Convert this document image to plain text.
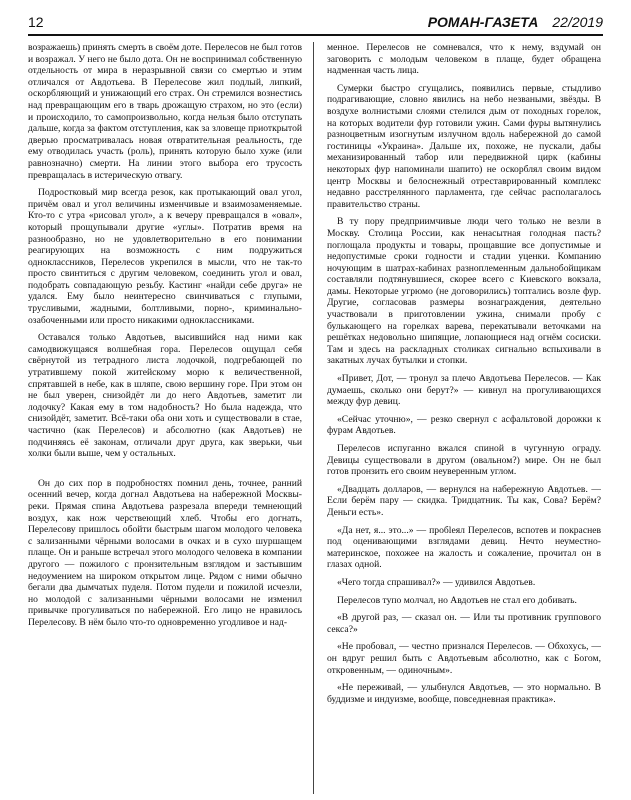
12	РОМАН-ГАЗЕТА 22/2019

возражаешь) принять смерть в своём доте. Перелесов не был готов и возражал. У него не было дота. Он не воспринимал собственную отдельность от мира в неразрывной связи со смертью и этим отличался от Авдотьева. В Перелесове жил подлый, липкий, оскорбляющий и унижающий его страх. Он стремился вознестись над превращающим его в тварь дрожащую страхом, но это (если) и происходило, то самопроизвольно, когда нельзя было отступать дальше, когда за фактом отступления, как за зловеще приоткрытой дверью просматривалась новая отвратительная реальность, где ему отводилась участь (роль), принять которую было хуже (или равнозначно) смерти. На линии этого выбора его трусость превращалась в истерическую отвагу.

Подростковый мир всегда резок, как протыкающий овал угол, причём овал и угол величины изменчивые и взаимозаменяемые. Кто-то с утра «рисовал угол», а к вечеру превращался в «овал», который прощупывали другие «углы». Потратив время на разнообразно, но не удовлетворительно в его понимании реагирующих на возможность с ним подружиться одноклассников, Перелесов укрепился в мысли, что не так-то просто свинтиться с другим человеком, соединить угол и овал, подобрать совпадающую резьбу. Кастинг «найди себе друга» не удался. Ему было неинтересно свинчиваться с глупыми, трусливыми, жадными, болтливыми, порно-, криминально-озабоченными или просто никакими одноклассниками.

Оставался только Авдотьев, высившийся над ними как самодвижущаяся волшебная гора. Перелесов ощущал себя свёрнутой из тетрадного листа лодочкой, подгребающей по утратившему покой житейскому морю к величественной, спрятавшей в небе, как в шляпе, свою вершину горе. При этом он не был уверен, снизойдёт ли до него Авдотьев, заметит ли лодочку? Какая ему в том надобность? Но была надежда, что снизойдёт, заметит. Всё-таки оба они хоть и существовали в стае, частично (как Перелесов) и абсолютно (как Авдотьев) не подчиняясь её законам, отличали друг друга, как зверьки, чьи холки были выше, чем у остальных.

Он до сих пор в подробностях помнил день, точнее, ранний осенний вечер, когда догнал Авдотьева на набережной Москвы-реки. Прямая спина Авдотьева разрезала впереди темнеющий воздух, как нож черствеющий хлеб. Чтобы его догнать, Перелесову пришлось обойти быстрым шагом молодого человека с зализанными чёрными волосами в очках и в сухо шуршащем плаще. Он и раньше встречал этого молодого человека в компании другого — пожилого с пронзительным взглядом и застывшим недоумением на широком открытом лице. Рядом с ними обычно бегали два дымчатых пуделя. Потом пудели и пожилой исчезли, но молодой с зализанными чёрными волосами не изменил привычке прогуливаться по набережной. Его лицо не нравилось Перелесову. В нём было что-то одновременно угодливое и над-

менное. Перелесов не сомневался, что к нему, вздумай он заговорить с молодым человеком в плаще, будет обращена надменная часть лица.

Сумерки быстро сгущались, появились первые, стыдливо подрагивающие, словно явились на небо незваными, звёзды. В воздухе волнистыми слоями стелился дым от походных горелок, на которых водители фур готовили ужин. Сами фуры вытянулись разноцветным изогнутым излучном вдоль набережной до самой гостиницы «Украина». Дальше их, похоже, не пускали, дабы механизированный табор или передвижной цирк (кабины некоторых фур напоминали шапито) не оскорблял своим видом центр Москвы и белоснежный отреставрированный комплекс недавно расстрелянного парламента, где сейчас располагалось правительство страны.

В ту пору предприимчивые люди чего только не везли в Москву. Столица России, как ненасытная голодная пасть? поглощала продукты и товары, прощавшие все допустимые и недопустимые сроки годности и стадии уценки. Компанию ночующим в шатрах-кабинах разноплеменным дальнобойщикам составляли подтянувшиеся, скорее всего с Киевского вокзала, дамы. Некоторые угрюмо (не договорились) топтались возле фур. Другие, согласовав размеры вознаграждения, деятельно участвовали в приготовлении ужина, снимали пробу с булькающего на горелках варева, перекатывали веточками на решётках недовольно шипящие, лопающиеся над огнём сосиски. Там и здесь на раскладных столиках сигнально вспыхивали в закатных лучах бутылки и стопки.

«Привет, Дот, — тронул за плечо Авдотьева Перелесов. — Как думаешь, сколько они берут?» — кивнул на прогуливающихся между фур девиц.

«Сейчас уточню», — резко свернул с асфальтовой дорожки к фурам Авдотьев.

Перелесов испуганно вжался спиной в чугунную ограду. Девицы существовали в другом (овальном?) мире. Он не был готов пронзить его своим неуверенным углом.

«Двадцать долларов, — вернулся на набережную Авдотьев. — Если берём пару — скидка. Тридцатник. Ты как, Сова? Берём? Деньги есть».

«Да нет, я... это...» — пробleял Перелесов, вспотев и покраснев под оценивающими взглядами девиц. Нечто неуместно-материнское, похожее на жалость и сожаление, прочитал он в глазах одной.

«Чего тогда спрашивал?» — удивился Авдотьев.

Перелесов тупо молчал, но Авдотьев не стал его добивать.

«В другой раз, — сказал он. — Или ты противник группового секса?»

«Не пробовал, — честно признался Перелесов. — Обхохусь, — он вдруг решил быть с Авдотьевым абсолютно, как с Богом, откровенным, — одиночным».

«Не переживай, — улыбнулся Авдотьев, — это нормально. В буддизме и индуизме, вообще, повседневная практика».
